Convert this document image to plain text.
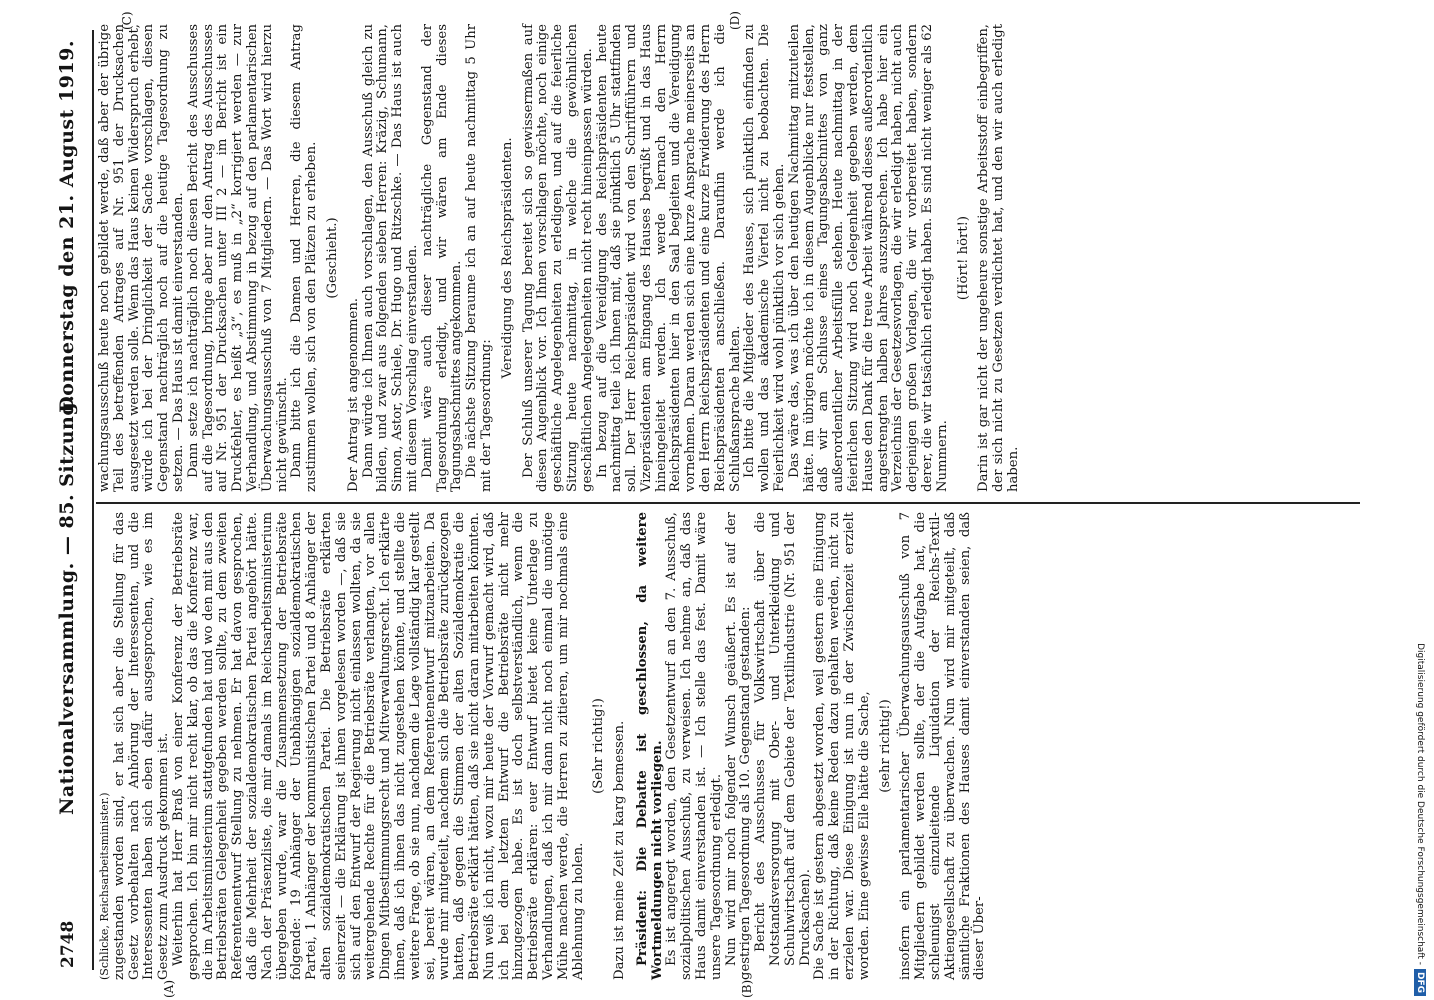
2748
Nationalversammlung. — 85. Sitzung.
Donnerstag den 21. August 1919.
(A)	(B)
(C)	(D)

(Schlicke, Reichsarbeitsminister.) zugestanden worden sind, er hat sich aber die Stellung für das Gesetz vorbehalten nach Anhörung der Interessenten, und die Interessenten haben sich eben dafür ausgesprochen, wie es im Gesetz zum Ausdruck gekommen ist. Weiterhin hat Herr Braß von einer Konferenz der Betriebsräte gesprochen. Ich bin mir nicht recht klar, ob das die Konferenz war, die im Arbeitsministerium stattgefunden hat und wo den mit aus den Betriebsräten Gelegenheit gegeben werden sollte, zu dem zweiten Referentenentwurf Stellung zu nehmen. Er hat davon gesprochen, daß die Mehrheit der sozialdemokratischen Partei angehört hätte. Nach der Präsenzliste, die mir damals im Reichsarbeitsministerium übergeben wurde, war die Zusammensetzung der Betriebsräte folgende: 19 Anhänger der Unabhängigen sozialdemokratischen Partei, 1 Anhänger der kommunistischen Partei und 8 Anhänger der alten sozialdemokratischen Partei. Die Betriebsräte erklärten seinerzeit — die Erklärung ist ihnen vorgelesen worden —, daß sie sich auf den Entwurf der Regierung nicht einlassen wollten, da sie weitergehende Rechte für die Betriebsräte verlangten, vor allen Dingen Mitbestimmungsrecht und Mitverwaltungsrecht. Ich erklärte ihnen, daß ich ihnen das nicht zugestehen könnte, und stellte die weitere Frage, ob sie nun, nachdem die Lage vollständig klar gestellt sei, bereit wären, an dem Referentenentwurf mitzuarbeiten. Da wurde mir mitgeteilt, nachdem sich die Betriebsräte zurückgezogen hatten, daß gegen die Stimmen der alten Sozialdemokratie die Betriebsräte erklärt hätten, daß sie nicht daran mitarbeiten könnten. Nun weiß ich nicht, wozu mir heute der Vorwurf gemacht wird, daß ich bei dem letzten Entwurf die Betriebsräte nicht mehr hinzugezogen habe. Es ist doch selbstverständlich, wenn die Betriebsräte erklären: euer Entwurf bietet keine Unterlage zu Verhandlungen, daß ich mir dann nicht noch einmal die unnötige Mühe machen werde, die Herren zu zitieren, um mir nochmals eine Ablehnung zu holen.

(Sehr richtig!) Dazu ist meine Zeit zu karg bemessen. Präsident: Die Debatte ist geschlossen, da weitere Wortmeldungen nicht vorliegen. Es ist angeregt worden, den Gesetzentwurf an den 7. Ausschuß, sozialpolitischen Ausschuß, zu verweisen. Ich nehme an, daß das Haus damit einverstanden ist. — Ich stelle das fest. Damit wäre unsere Tagesordnung erledigt. Nun wird mir noch folgender Wunsch geäußert. Es ist auf der gestrigen Tagesordnung als 10. Gegenstand gestanden: Bericht des Ausschusses für Volkswirtschaft über die Notstandsversorgung mit Ober- und Unterkleidung und Schuhwirtschaft auf dem Gebiete der Textilindustrie (Nr. 951 der Drucksachen). Die Sache ist gestern abgesetzt worden, weil gestern eine Einigung in der Richtung, daß keine Reden dazu gehalten werden, nicht zu erzielen war. Diese Einigung ist nun in der Zwischenzeit erzielt worden. Eine gewisse Eile hätte die Sache, (sehr richtig!) insofern ein parlamentarischer Überwachungsausschuß von 7 Mitgliedern gebildet werden sollte, der die Aufgabe hat, die schleunigst einzuleitende Liquidation der Reichs-Textil-Aktiengesellschaft zu überwachen. Nun wird mir mitgeteilt, daß sämtliche Fraktionen des Hauses damit einverstanden seien, daß dieser Über-

wachungsausschuß heute noch gebildet werde, daß aber der übrige Teil des betreffenden Antrages auf Nr. 951 der Drucksachen ausgesetzt werden solle. Wenn das Haus keinen Widerspruch erhebt, würde ich bei der Dringlichkeit der Sache vorschlagen, diesen Gegenstand nachträglich noch auf die heutige Tagesordnung zu setzen. — Das Haus ist damit einverstanden. Dann setze ich nachträglich noch diesen Bericht des Ausschusses auf die Tagesordnung, bringe aber nur den Antrag des Ausschusses auf Nr. 951 der Drucksachen unter III 2 — im Bericht ist ein Druckfehler, es heißt „3“, es muß in „2“ korrigiert werden — zur Verhandlung, und Abstimmung in bezug auf den parlamentarischen Überwachungsausschuß von 7 Mitgliedern. — Das Wort wird hierzu nicht gewünscht. Dann bitte ich die Damen und Herren, die diesem Antrag zustimmen wollen, sich von den Plätzen zu erheben. (Geschieht.)

Der Antrag ist angenommen. Dann würde ich Ihnen auch vorschlagen, den Ausschuß gleich zu bilden, und zwar aus folgenden sieben Herren: Kräzig, Schumann, Simon, Astor, Schiele, Dr. Hugo und Ritzschke. — Das Haus ist auch mit diesem Vorschlag einverstanden. Damit wäre auch dieser nachträgliche Gegenstand der Tagesordnung erledigt, und wir wären am Ende dieses Tagungsabschnittes angekommen. Die nächste Sitzung beraume ich an auf heute nachmittag 5 Uhr mit der Tagesordnung:

Vereidigung des Reichspräsidenten. Der Schluß unserer Tagung bereitet sich so gewissermaßen auf diesen Augenblick vor. Ich Ihnen vorschlagen möchte, noch einige geschäftliche Angelegenheiten zu erledigen, und auf die feierliche Sitzung heute nachmittag, in welche die gewöhnlichen geschäftlichen Angelegenheiten nicht recht hineinpassen würden. In bezug auf die Vereidigung des Reichspräsidenten heute nachmittag teile ich Ihnen mit, daß sie pünktlich 5 Uhr stattfinden soll. Der Herr Reichspräsident wird von den Schriftführern und Vizepräsidenten am Eingang des Hauses begrüßt und in das Haus hineingeleitet werden. Ich werde hernach den Herrn Reichspräsidenten hier in den Saal begleiten und die Vereidigung vornehmen. Daran werden sich eine kurze Ansprache meinerseits an den Herrn Reichspräsidenten und eine kurze Erwiderung des Herrn Reichspräsidenten anschließen. Daraufhin werde ich die Schlußansprache halten. Ich bitte die Mitglieder des Hauses, sich pünktlich einfinden zu wollen und das akademische Viertel nicht zu beobachten. Die Feierlichkeit wird wohl pünktlich vor sich gehen. Das wäre das, was ich über den heutigen Nachmittag mitzuteilen hätte. Im übrigen möchte ich in diesem Augenblicke nur feststellen, daß wir am Schlusse eines Tagungsabschnittes von ganz außerordentlicher Arbeitsfülle stehen. Heute nachmittag in der feierlichen Sitzung wird noch Gelegenheit gegeben werden, dem Hause den Dank für die treue Arbeit während dieses außerordentlich angestrengten halben Jahres auszusprechen. Ich habe hier ein Verzeichnis der Gesetzesvorlagen, die wir erledigt haben, nicht auch derjenigen großen Vorlagen, die wir vorbereitet haben, sondern derer, die wir tatsächlich erledigt haben. Es sind nicht weniger als 62 Nummern.

(Hört! hört!) Darin ist gar nicht der ungeheure sonstige Arbeitsstoff einbegriffen, der sich nicht zu Gesetzen verdichtet hat, und den wir auch erledigt haben.

Digitalisierung gefördert durch die Deutsche Forschungsgemeinschaft -DFG
